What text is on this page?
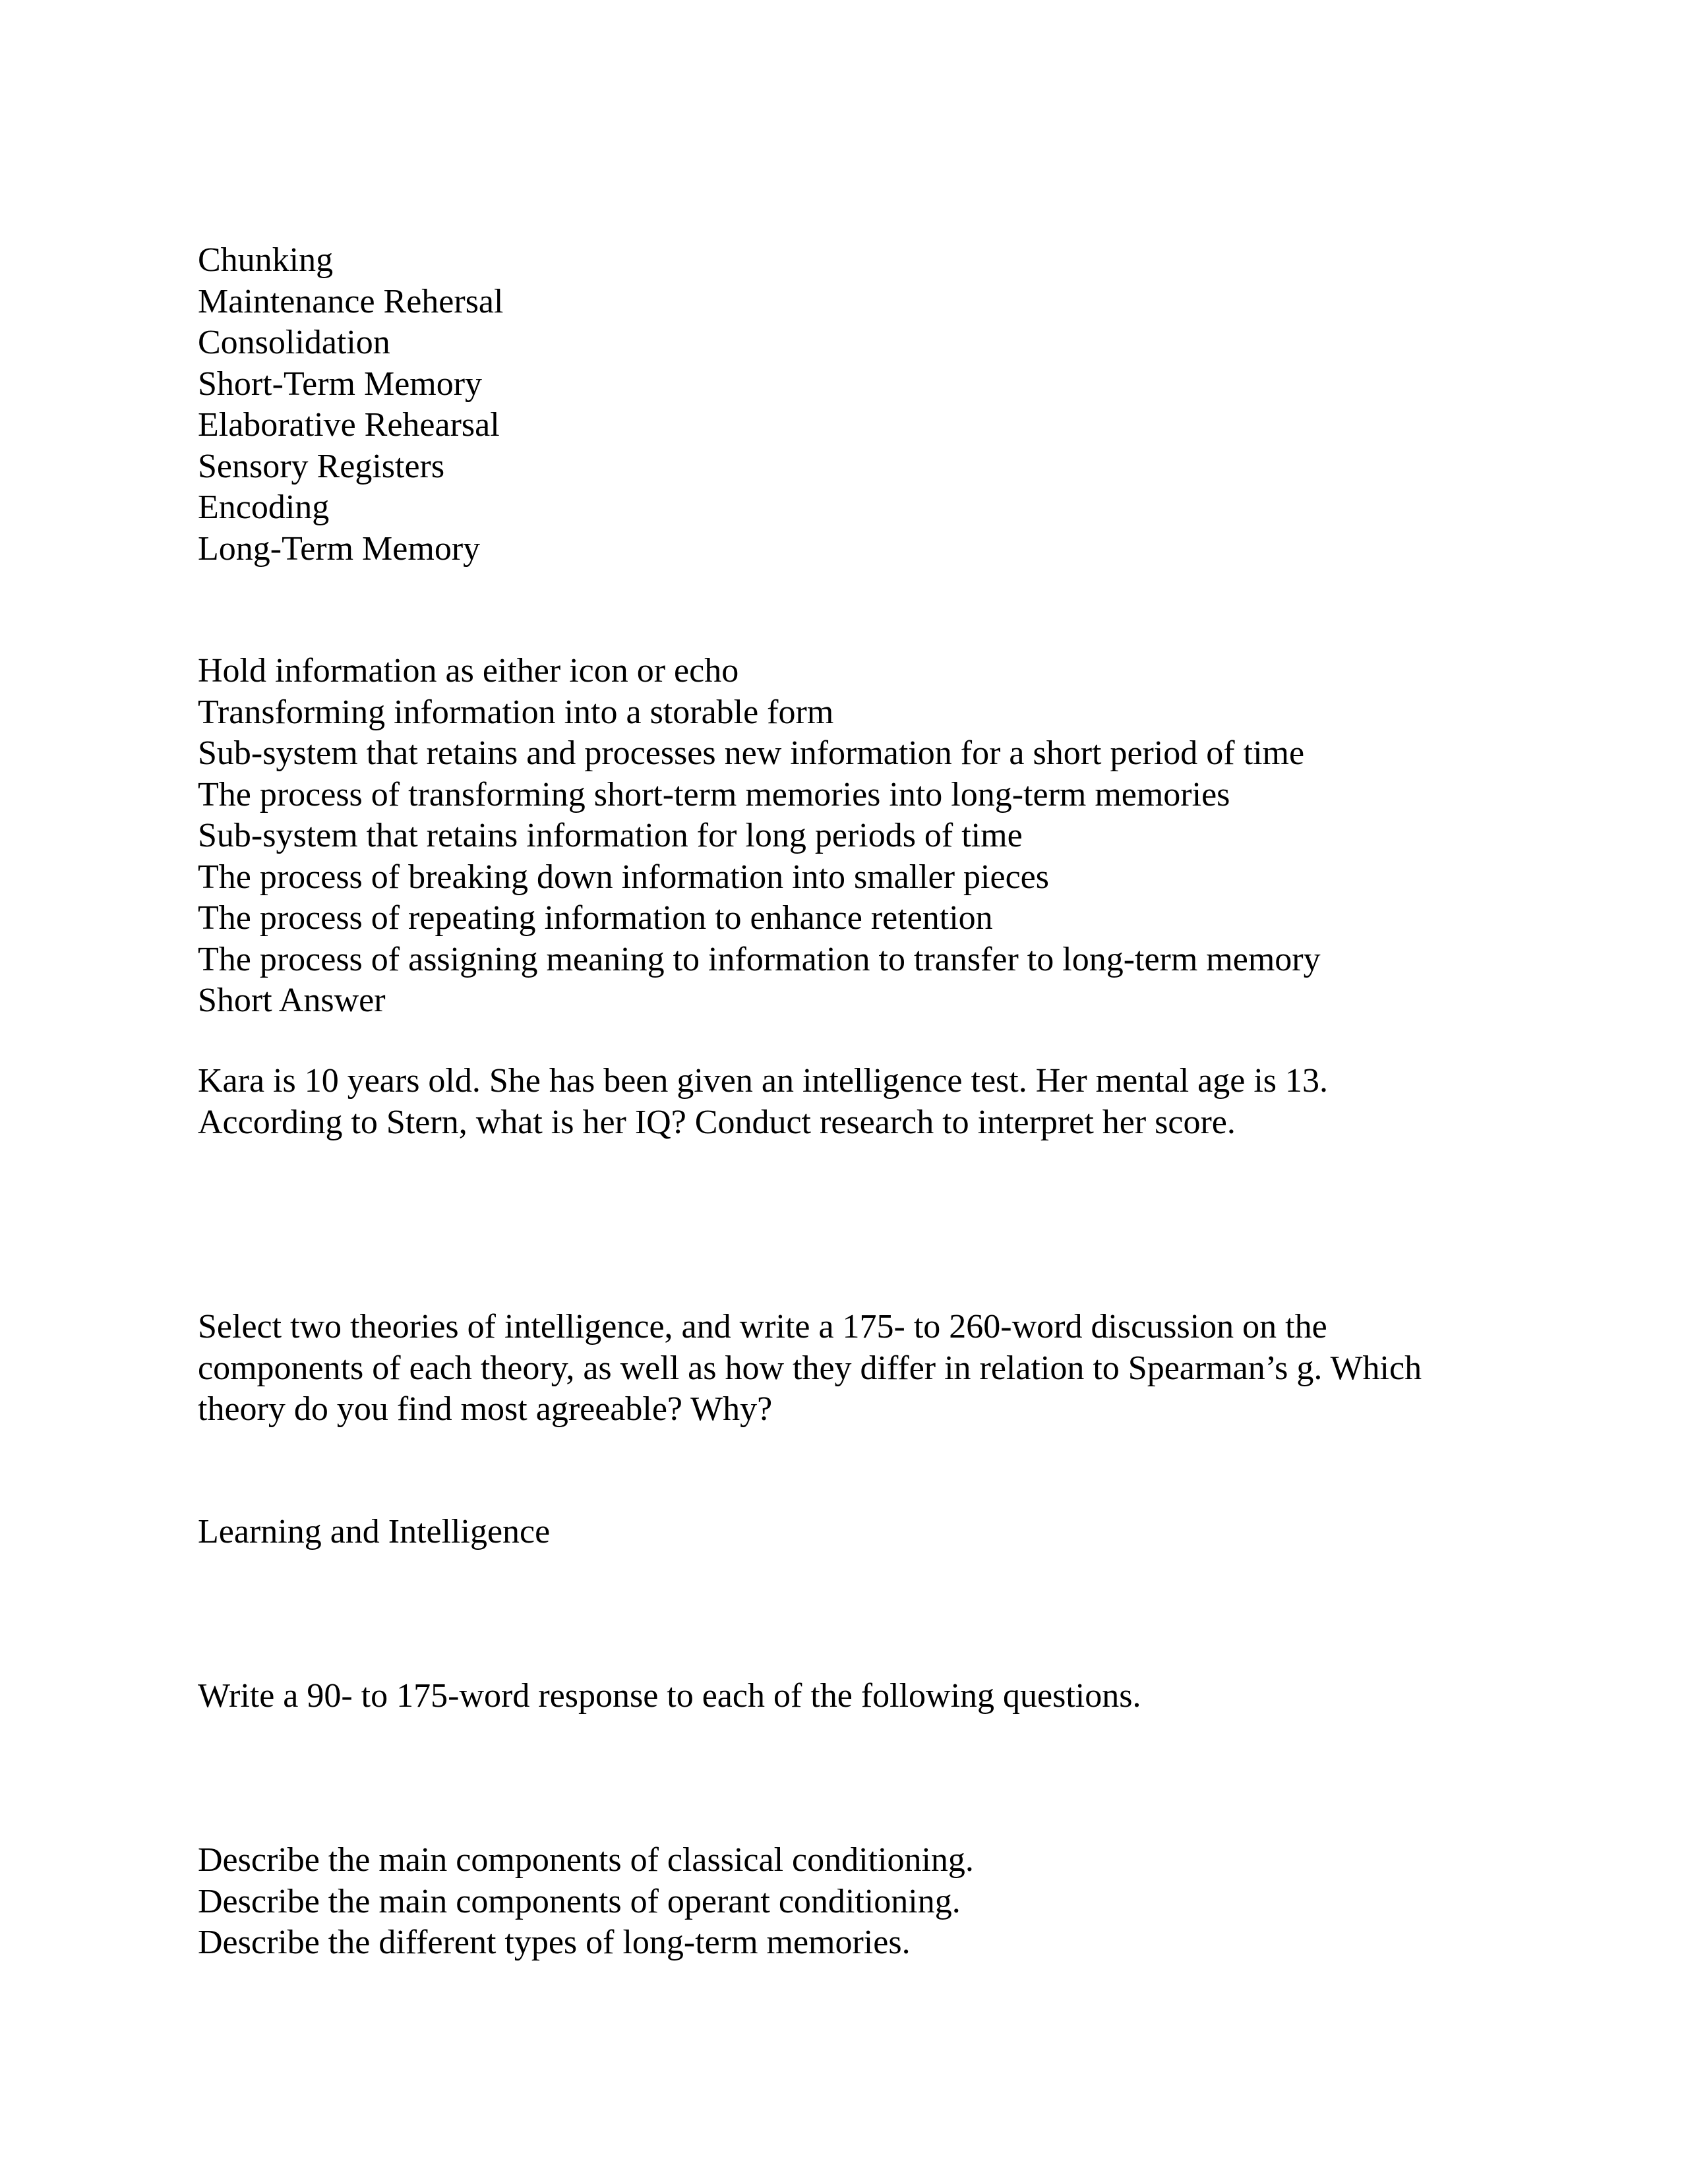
Chunking
Maintenance Rehersal
Consolidation
Short-Term Memory
Elaborative Rehearsal
Sensory Registers
Encoding
Long-Term Memory
Hold information as either icon or echo
Transforming information into a storable form
Sub-system that retains and processes new information for a short period of time
The process of transforming short-term memories into long-term memories
Sub-system that retains information for long periods of time
The process of breaking down information into smaller pieces
The process of repeating information to enhance retention
The process of assigning meaning to information to transfer to long-term memory
Short Answer
Kara is 10 years old. She has been given an intelligence test. Her mental age is 13.
According to Stern, what is her IQ? Conduct research to interpret her score.
Select two theories of intelligence, and write a 175- to 260-word discussion on the
components of each theory, as well as how they differ in relation to Spearman’s g. Which
theory do you find most agreeable? Why?
Learning and Intelligence
Write a 90- to 175-word response to each of the following questions.
Describe the main components of classical conditioning.
Describe the main components of operant conditioning.
Describe the different types of long-term memories.
